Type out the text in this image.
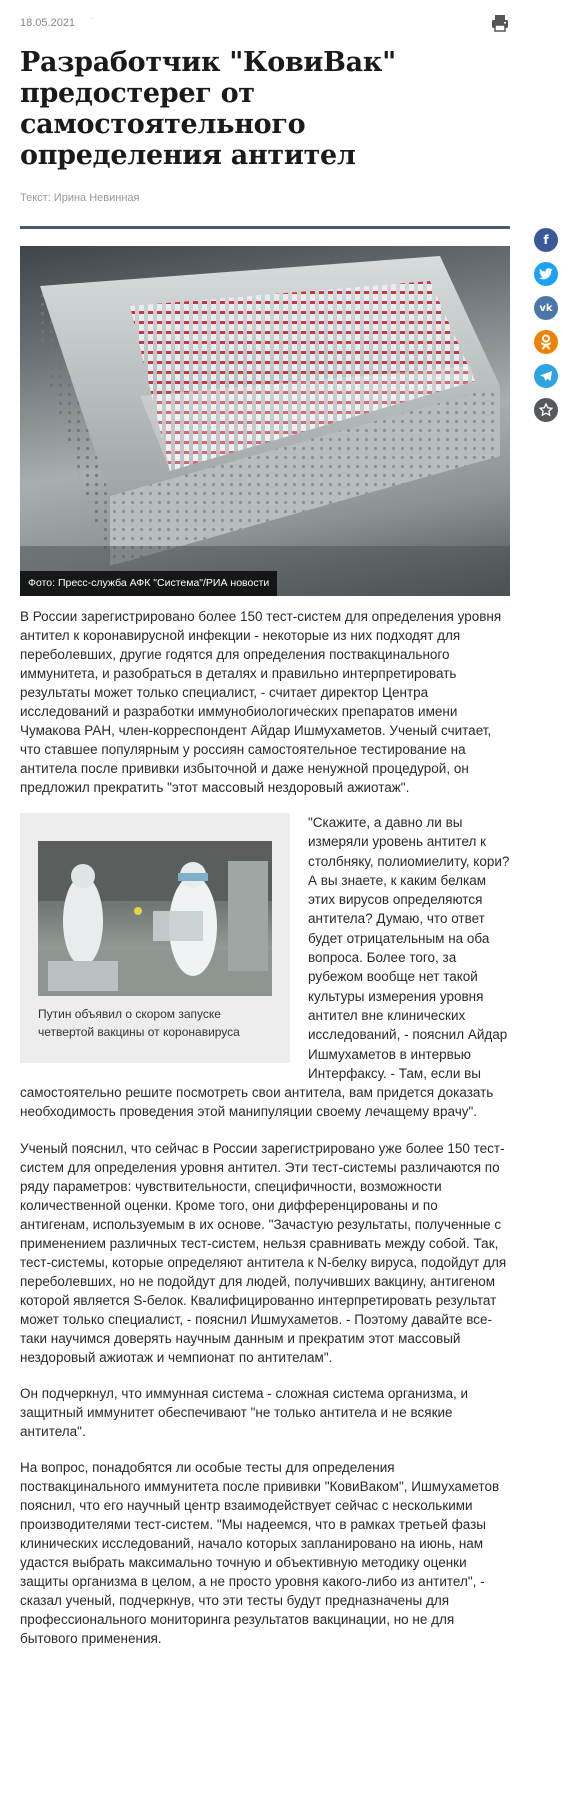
18.05.2021 ·
Разработчик "КовиВак" предостерег от самостоятельного определения антител
Текст: Ирина Невинная
Фото: Пресс-служба АФК "Система"/РИА новости

В России зарегистрировано более 150 тест-систем для определения уровня антител к коронавирусной инфекции - некоторые из них подходят для переболевших, другие годятся для определения поствакцинального иммунитета, и разобраться в деталях и правильно интерпретировать результаты может только специалист, - считает директор Центра исследований и разработки иммунобиологических препаратов имени Чумакова РАН, член-корреспондент Айдар Ишмухаметов. Ученый считает, что ставшее популярным у россиян самостоятельное тестирование на антитела после прививки избыточной и даже ненужной процедурой, он предложил прекратить "этот массовый нездоровый ажиотаж".

Путин объявил о скором запуске четвертой вакцины от коронавируса
"Скажите, а давно ли вы измеряли уровень антител к столбняку, полиомиелиту, кори? А вы знаете, к каким белкам этих вирусов определяются антитела? Думаю, что ответ будет отрицательным на оба вопроса. Более того, за рубежом вообще нет такой культуры измерения уровня антител вне клинических исследований, - пояснил Айдар Ишмухаметов в интервью Интерфаксу. - Там, если вы самостоятельно решите посмотреть свои антитела, вам придется доказать необходимость проведения этой манипуляции своему лечащему врачу".

Ученый пояснил, что сейчас в России зарегистрировано уже более 150 тест-систем для определения уровня антител. Эти тест-системы различаются по ряду параметров: чувствительности, специфичности, возможности количественной оценки. Кроме того, они дифференцированы и по антигенам, используемым в их основе. "Зачастую результаты, полученные с применением различных тест-систем, нельзя сравнивать между собой. Так, тест-системы, которые определяют антитела к N-белку вируса, подойдут для переболевших, но не подойдут для людей, получивших вакцину, антигеном которой является S-белок. Квалифицированно интерпретировать результат может только специалист, - пояснил Ишмухаметов. - Поэтому давайте все-таки научимся доверять научным данным и прекратим этот массовый нездоровый ажиотаж и чемпионат по антителам".

Он подчеркнул, что иммунная система - сложная система организма, и защитный иммунитет обеспечивают "не только антитела и не всякие антитела".

На вопрос, понадобятся ли особые тесты для определения поствакцинального иммунитета после прививки "КовиВаком", Ишмухаметов пояснил, что его научный центр взаимодействует сейчас с несколькими производителями тест-систем. "Мы надеемся, что в рамках третьей фазы клинических исследований, начало которых запланировано на июнь, нам удастся выбрать максимально точную и объективную методику оценки защиты организма в целом, а не просто уровня какого-либо из антител", - сказал ученый, подчеркнув, что эти тесты будут предназначены для профессионального мониторинга результатов вакцинации, но не для бытового применения.

f
vk
